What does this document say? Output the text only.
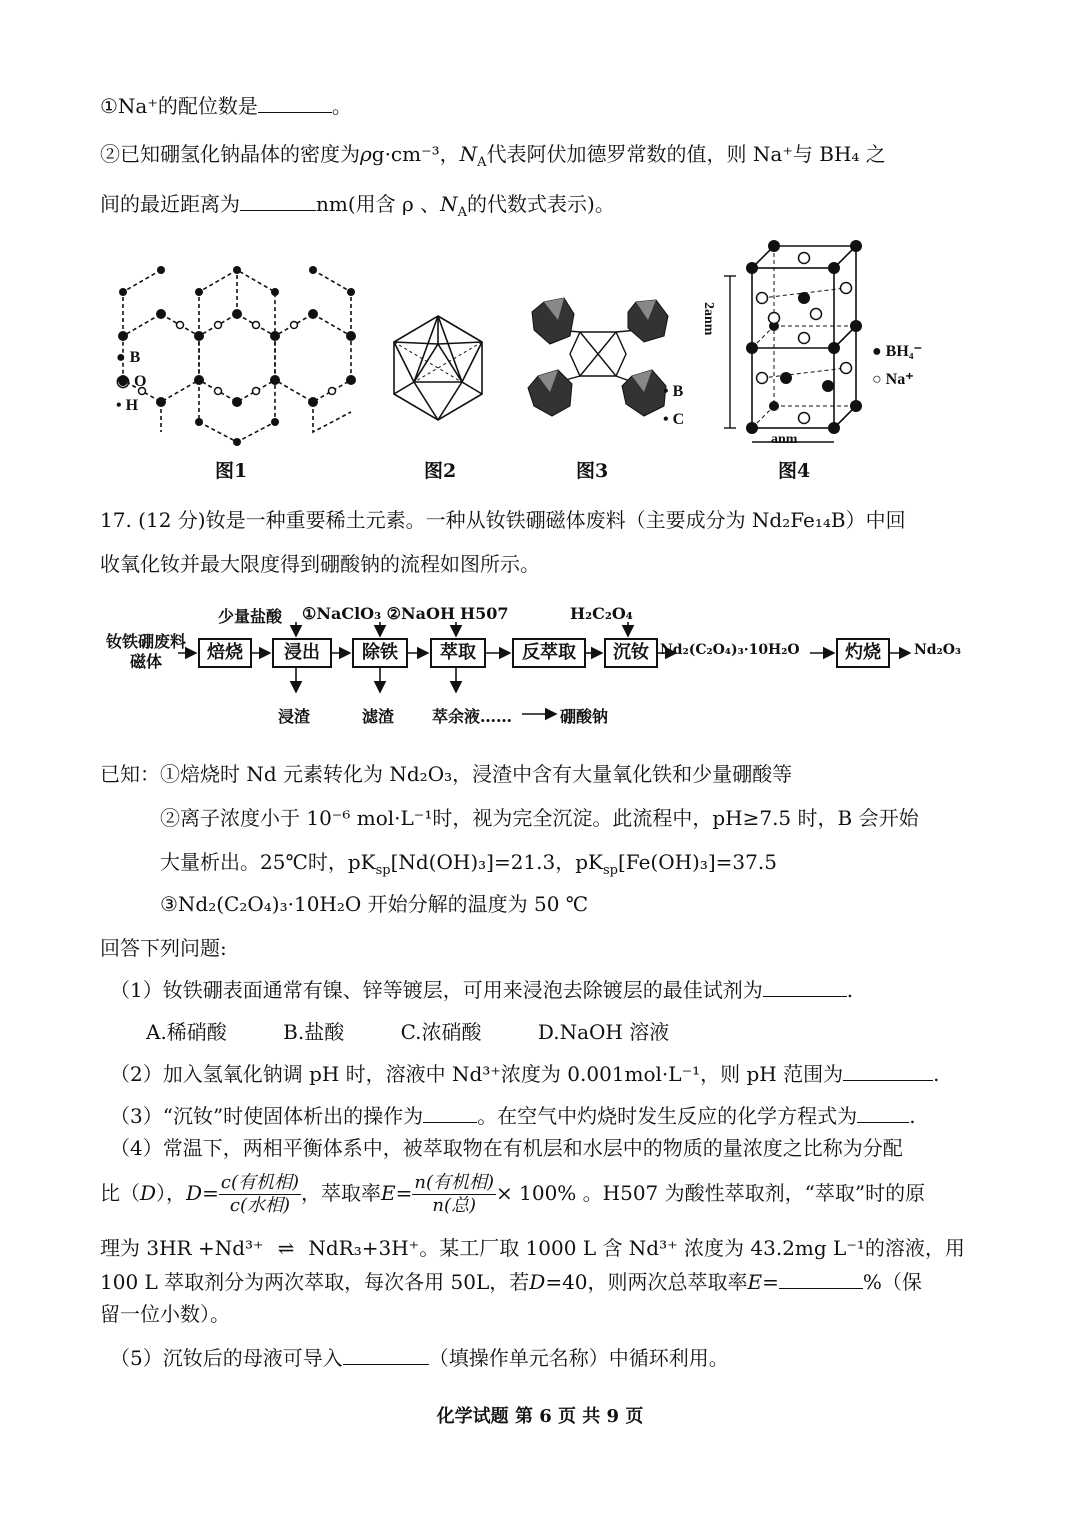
①Na⁺的配位数是	。
②已知硼氢化钠晶体的密度为ρg·cm⁻³，$N_A$代表阿伏加德罗常数的值，则 Na⁺与 BH₄ 之
间的最近距离为	nm(用含 ρ 、$N_A$的代数式表示)。
● B
◉ O
• H
图1	图2
• B
• C
图3
2anm
anm
● BH₄⁻
○ Na⁺
图4
17. (12 分)钕是一种重要稀土元素。一种从钕铁硼磁体废料（主要成分为 Nd₂Fe₁₄B）中回
收氧化钕并最大限度得到硼酸钠的流程如图所示。
钕铁硼废料磁体	焙烧	浸出	除铁	萃取	反萃取	沉钕	灼烧
少量盐酸 ①NaClO₃ ②NaOH H507	H₂C₂O₄
Nd₂(C₂O₄)₃·10H₂O	Nd₂O₃
浸渣	滤渣 萃余液……	硼酸钠
已知：①焙烧时 Nd 元素转化为 Nd₂O₃，浸渣中含有大量氧化铁和少量硼酸等
②离子浓度小于 10⁻⁶ mol·L⁻¹时，视为完全沉淀。此流程中，pH≥7.5 时，B 会开始
大量析出。25℃时，$pK_{sp}[Nd(OH)_3]=21.3$，$pK_{sp}[Fe(OH)_3]=37.5$
③Nd₂(C₂O₄)₃·10H₂O 开始分解的温度为 50 ℃
回答下列问题:
（1）钕铁硼表面通常有镍、锌等镀层，可用来浸泡去除镀层的最佳试剂为	.
A.稀硝酸	B.盐酸	C.浓硝酸	D.NaOH 溶液
（2）加入氢氧化钠调 pH 时，溶液中 Nd³⁺浓度为 0.001mol·L⁻¹，则 pH 范围为	.
（3）“沉钕”时使固体析出的操作为	。在空气中灼烧时发生反应的化学方程式为	.
（4）常温下，两相平衡体系中，被萃取物在有机层和水层中的物质的量浓度之比称为分配
比（D），$D= \frac{\text{c(有机相)}}{\text{c(水相)}}$ ，萃取率$E= \frac{\text{n(有机相)}}{\text{n(总)}} \times 100\%$ 。H507 为酸性萃取剂，“萃取”时的原
理为 3HR +Nd³⁺ ⇌ NdR₃+3H⁺。某工厂取 1000 L 含 Nd³⁺ 浓度为 43.2mg L⁻¹的溶液，用
100 L 萃取剂分为两次萃取，每次各用 50L，若D=40，则两次总萃取率E=	%（保
留一位小数）。
（5）沉钕后的母液可导入	（填操作单元名称）中循环利用。
化学试题 第 6 页 共 9 页
